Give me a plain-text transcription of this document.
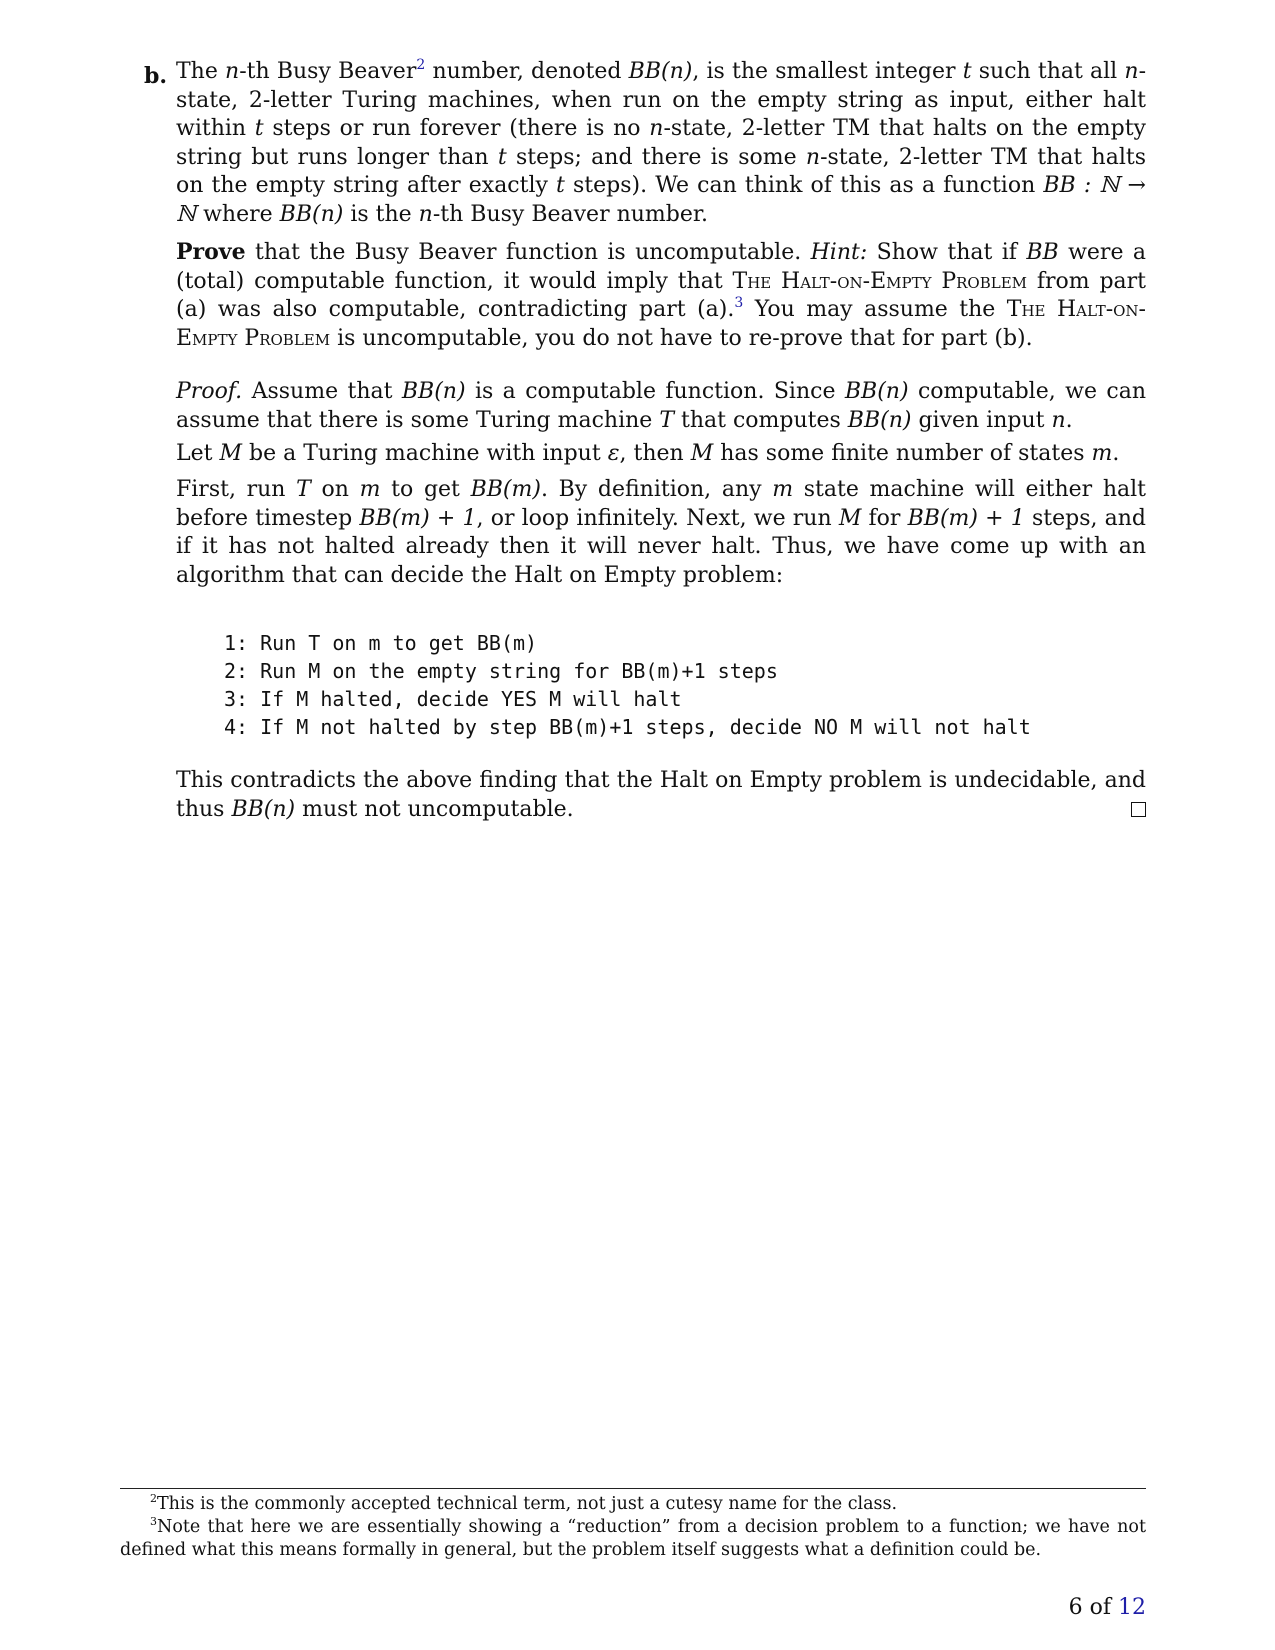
b. The n-th Busy Beaver$^2$ number, denoted BB(n), is the smallest integer t such that all n-state, 2-letter Turing machines, when run on the empty string as input, either halt within t steps or run forever (there is no n-state, 2-letter TM that halts on the empty string but runs longer than t steps; and there is some n-state, 2-letter TM that halts on the empty string after exactly t steps). We can think of this as a function BB : ℕ → ℕ where BB(n) is the n-th Busy Beaver number.
Prove that the Busy Beaver function is uncomputable. Hint: Show that if BB were a (total) computable function, it would imply that The Halt-on-Empty Problem from part (a) was also computable, contradicting part (a).$^3$ You may assume the The Halt-on-Empty Problem is uncomputable, you do not have to re-prove that for part (b).
Proof. Assume that BB(n) is a computable function. Since BB(n) computable, we can assume that there is some Turing machine T that computes BB(n) given input n.
Let M be a Turing machine with input ε, then M has some finite number of states m.
First, run T on m to get BB(m). By definition, any m state machine will either halt before timestep BB(m) + 1, or loop infinitely. Next, we run M for BB(m) + 1 steps, and if it has not halted already then it will never halt. Thus, we have come up with an algorithm that can decide the Halt on Empty problem:
1: Run T on m to get BB(m)
2: Run M on the empty string for BB(m)+1 steps
3: If M halted, decide YES M will halt
4: If M not halted by step BB(m)+1 steps, decide NO M will not halt
This contradicts the above finding that the Halt on Empty problem is undecidable, and thus BB(n) must not uncomputable.
$^2$This is the commonly accepted technical term, not just a cutesy name for the class.
$^3$Note that here we are essentially showing a “reduction” from a decision problem to a function; we have not defined what this means formally in general, but the problem itself suggests what a definition could be.
6 of 12
